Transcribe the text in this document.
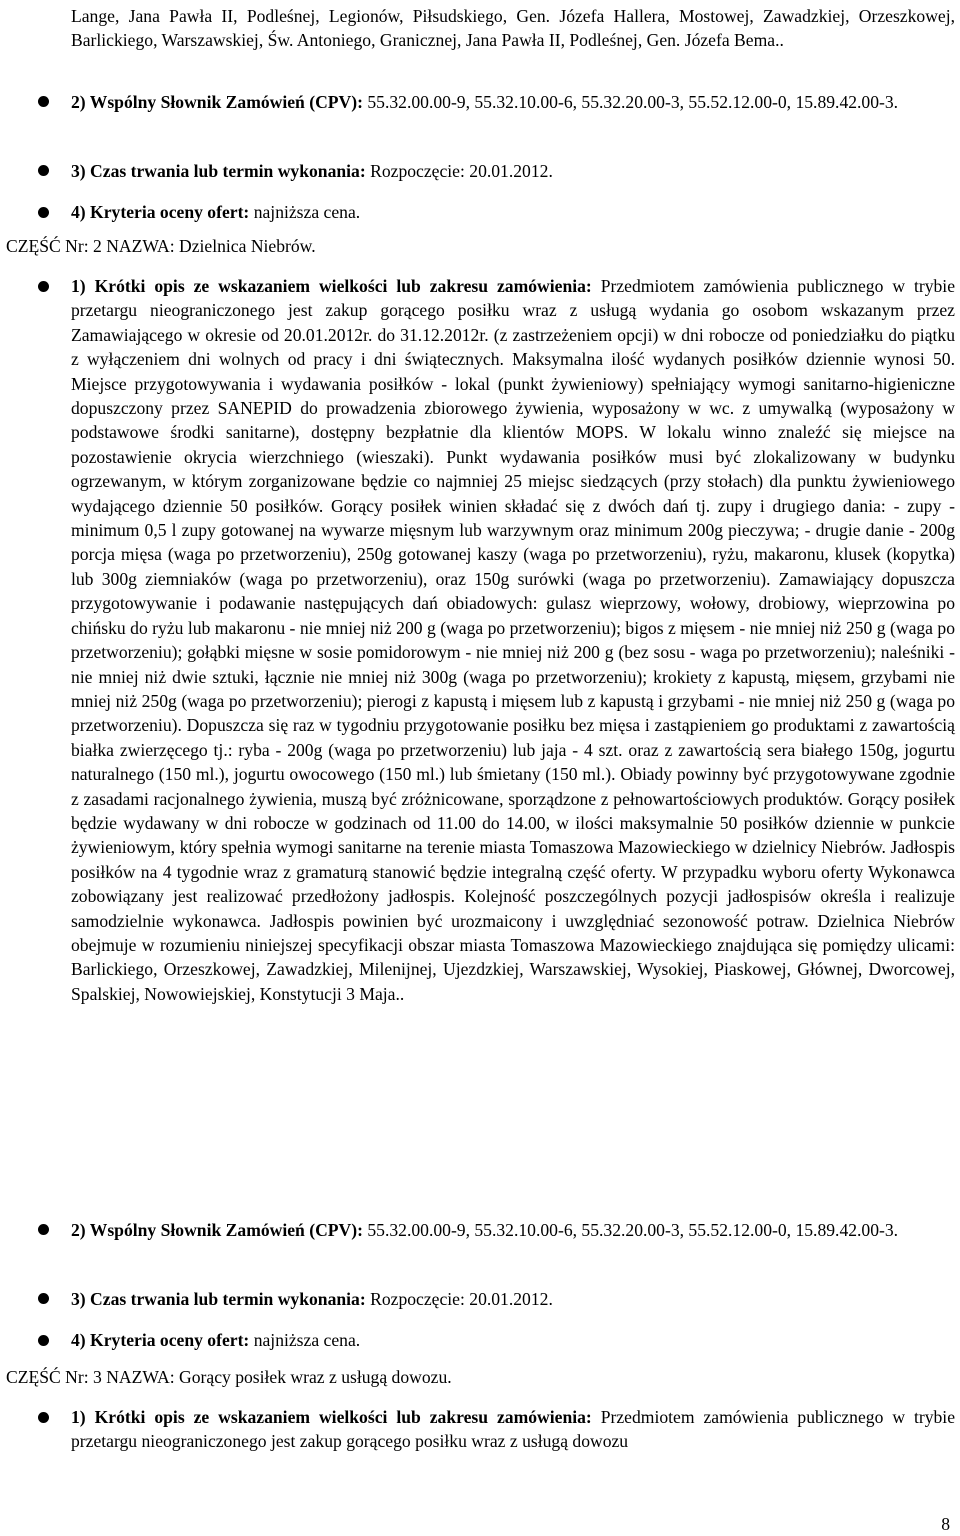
Lange, Jana Pawła II, Podleśnej, Legionów, Piłsudskiego, Gen. Józefa Hallera, Mostowej, Zawadzkiej, Orzeszkowej, Barlickiego, Warszawskiej, Św. Antoniego, Granicznej, Jana Pawła II, Podleśnej, Gen. Józefa Bema..
2) Wspólny Słownik Zamówień (CPV): 55.32.00.00-9, 55.32.10.00-6, 55.32.20.00-3, 55.52.12.00-0, 15.89.42.00-3.
3) Czas trwania lub termin wykonania: Rozpoczęcie: 20.01.2012.
4) Kryteria oceny ofert: najniższa cena.
CZĘŚĆ Nr: 2 NAZWA: Dzielnica Niebrów.
1) Krótki opis ze wskazaniem wielkości lub zakresu zamówienia: Przedmiotem zamówienia publicznego w trybie przetargu nieograniczonego jest zakup gorącego posiłku wraz z usługą wydania go osobom wskazanym przez Zamawiającego w okresie od 20.01.2012r. do 31.12.2012r. (z zastrzeżeniem opcji) w dni robocze od poniedziałku do piątku z wyłączeniem dni wolnych od pracy i dni świątecznych. Maksymalna ilość wydanych posiłków dziennie wynosi 50. Miejsce przygotowywania i wydawania posiłków - lokal (punkt żywieniowy) spełniający wymogi sanitarno-higieniczne dopuszczony przez SANEPID do prowadzenia zbiorowego żywienia, wyposażony w wc. z umywalką (wyposażony w podstawowe środki sanitarne), dostępny bezpłatnie dla klientów MOPS. W lokalu winno znaleźć się miejsce na pozostawienie okrycia wierzchniego (wieszaki). Punkt wydawania posiłków musi być zlokalizowany w budynku ogrzewanym, w którym zorganizowane będzie co najmniej 25 miejsc siedzących (przy stołach) dla punktu żywieniowego wydającego dziennie 50 posiłków. Gorący posiłek winien składać się z dwóch dań tj. zupy i drugiego dania: - zupy - minimum 0,5 l zupy gotowanej na wywarze mięsnym lub warzywnym oraz minimum 200g pieczywa; - drugie danie - 200g porcja mięsa (waga po przetworzeniu), 250g gotowanej kaszy (waga po przetworzeniu), ryżu, makaronu, klusek (kopytka) lub 300g ziemniaków (waga po przetworzeniu), oraz 150g surówki (waga po przetworzeniu). Zamawiający dopuszcza przygotowywanie i podawanie następujących dań obiadowych: gulasz wieprzowy, wołowy, drobiowy, wieprzowina po chińsku do ryżu lub makaronu - nie mniej niż 200 g (waga po przetworzeniu); bigos z mięsem - nie mniej niż 250 g (waga po przetworzeniu); gołąbki mięsne w sosie pomidorowym - nie mniej niż 200 g (bez sosu - waga po przetworzeniu); naleśniki - nie mniej niż dwie sztuki, łącznie nie mniej niż 300g (waga po przetworzeniu); krokiety z kapustą, mięsem, grzybami nie mniej niż 250g (waga po przetworzeniu); pierogi z kapustą i mięsem lub z kapustą i grzybami - nie mniej niż 250 g (waga po przetworzeniu). Dopuszcza się raz w tygodniu przygotowanie posiłku bez mięsa i zastąpieniem go produktami z zawartością białka zwierzęcego tj.: ryba - 200g (waga po przetworzeniu) lub jaja - 4 szt. oraz z zawartością sera białego 150g, jogurtu naturalnego (150 ml.), jogurtu owocowego (150 ml.) lub śmietany (150 ml.). Obiady powinny być przygotowywane zgodnie z zasadami racjonalnego żywienia, muszą być zróżnicowane, sporządzone z pełnowartościowych produktów. Gorący posiłek będzie wydawany w dni robocze w godzinach od 11.00 do 14.00, w ilości maksymalnie 50 posiłków dziennie w punkcie żywieniowym, który spełnia wymogi sanitarne na terenie miasta Tomaszowa Mazowieckiego w dzielnicy Niebrów. Jadłospis posiłków na 4 tygodnie wraz z gramaturą stanowić będzie integralną część oferty. W przypadku wyboru oferty Wykonawca zobowiązany jest realizować przedłożony jadłospis. Kolejność poszczególnych pozycji jadłospisów określa i realizuje samodzielnie wykonawca. Jadłospis powinien być urozmaicony i uwzględniać sezonowość potraw. Dzielnica Niebrów obejmuje w rozumieniu niniejszej specyfikacji obszar miasta Tomaszowa Mazowieckiego znajdująca się pomiędzy ulicami: Barlickiego, Orzeszkowej, Zawadzkiej, Milenijnej, Ujezdzkiej, Warszawskiej, Wysokiej, Piaskowej, Głównej, Dworcowej, Spalskiej, Nowowiejskiej, Konstytucji 3 Maja..
2) Wspólny Słownik Zamówień (CPV): 55.32.00.00-9, 55.32.10.00-6, 55.32.20.00-3, 55.52.12.00-0, 15.89.42.00-3.
3) Czas trwania lub termin wykonania: Rozpoczęcie: 20.01.2012.
4) Kryteria oceny ofert: najniższa cena.
CZĘŚĆ Nr: 3 NAZWA: Gorący posiłek wraz z usługą dowozu.
1) Krótki opis ze wskazaniem wielkości lub zakresu zamówienia: Przedmiotem zamówienia publicznego w trybie przetargu nieograniczonego jest zakup gorącego posiłku wraz z usługą dowozu
8
